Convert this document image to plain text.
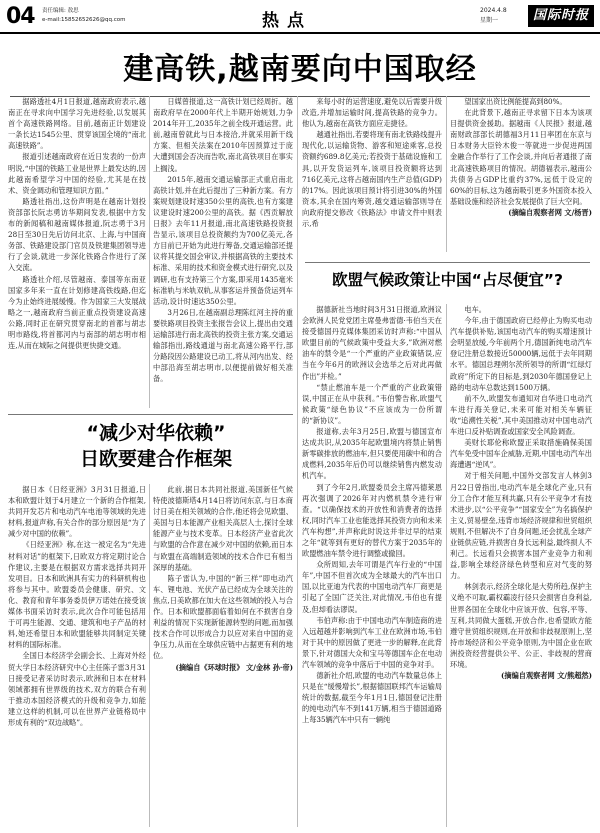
04 责任编辑: 敖思
e-mail:15852652626@qq.com	热点
2024.4.8
星期一	国际时报
建高铁,越南要向中国取经

据路透社4月1日报道,越南政府表示,越南正在寻求向中国学习先进经验,以发展其首个高速铁路网络。目前,越南正计划建设一条长达1545公里、贯穿该国全境的“南北高速铁路”。

报道引述越南政府在近日发表的一份声明说,“中国的铁路工业是世界上最发达的,因此越南希望学习中国的经验,尤其是在技术、资金调动和管理知识方面。”

路透社指出,这份声明是在越南计划投资部部长阮志勇访华期间发表,根据中方发布的新闻稿和越南媒体报道,阮志勇于3月28日至30日先后访问北京、上海,与中国商务部、铁路建设部门官员及铁建集团领导进行了会谈,就进一步深化铁路合作进行了深入交流。

路透社介绍,尽管越南、泰国等东南亚国家多年来一直在计划修建高铁线路,但迄今为止始终进展缓慢。作为国家三大发展战略之一,越南政府当前正重点投资建设高速公路,同时正在研究贯穿南北的首都与胡志明市路线,将首都河内与南部的胡志明市相连,从而在城际之间提供更快捷交通。

日媒曾报道,这一高铁计划已经周折。越南政府早在2000年代上半期开始规划,力争2014年开工,2035年之前全线开通运营。此前,越南曾就此与日本接洽,并就采用新干线方案、但相关法案在2010年因预算过于庞大遭到国会否决而告吹,南北高铁项目在事实上搁浅。

2015年,越南交通运输部正式重启南北高铁计划,并在此后提出了三种新方案。有方案规划建设时速350公里的高铁,也有方案建议建设时速200公里的高铁。据《西贡解放日报》去年11月报道,南北高速铁路投资报告显示,该项目总投资额约为700亿美元,各方目前已开始为此进行筹备,交通运输部还提议将其提交国会审议,并根据高铁的主要技术标准、采用的技术和资金模式进行研究,以及调研,也有支持第三个方案,即采用1435毫米标准轨与米轨双轨,从事客运并预备货运列车活动,设计时速达350公里。

3月26日,在越南副总理陈红河主持的重要铁路项目投资主张报告会议上,提出由交通运输部进行南北高铁的投资主张方案,交通运输部指出,路线通道与南北高速公路平行,部分路段因公路建设已动工,将从河内出发、经中部沿海至胡志明市,以便提前做好相关准备。

来每小时的运营速度,避免以后需要升级改造,并增加运输时间,提高铁路的竞争力。他认为,越南在高铁方面应走捷径。

越通社指出,若要将现有南北铁路线提升现代化,以运输货物、游客和短途乘客,总投资额约689.8亿美元;若投资于基础设施和工具,以开发货运列车,该项目投资额将达到716亿美元,这将占越南国内生产总值(GDP)的17%。因此该项目预计将引进30%的外国资本,其余在国内筹资,越交通运输部则导在向政府提交修改《铁路法》申请文件中则表示,希

望国家出资比例能提高到80%。

在此背景下,越南正寻求留下日本为该项目提供资金援助。据越南《人民报》报道,越南财政部部长胡德福3月11日率团在东京与日本财务大臣铃木俊一等就进一步促进两国金融合作举行了工作会谈,并向后者通报了南北高速铁路项目的情况。胡德福表示,越南公共债务占GDP比重约37%,远低于设定的60%的目标,这为越南吸引更多外国资本投入基础设施和经济社会发展提供了巨大空间。

(摘编自观察者网 文/杨晋)

欧盟气候政策让中国“占尽便宜”?

据德新社当地时间3月31日报道,欧洲议会欧洲人民党党团主席曼弗雷德·韦伯当天在接受德国丹克媒体集团采访时声称:“中国从欧盟目前的气候政策中受益大多,”欧洲对燃油车的禁令是“一个严重的产业政策错误,应当在今年6月的欧洲议会选举之后对此再做作出”并检。”

“禁止燃油车是一个严重的产业政策错误,中国正在从中获利。”韦伯警告称,欧盟气候政策“绿色协议”不应该成为一份所谓的“新协议”。

报道称,去年3月25日,欧盟与德国宣布达成共识,从2035年起欧盟境内将禁止销售新零碳排放的燃油车,但只要使用碳中和的合成燃料,2035年后仍可以继续销售内燃发动机汽车。

到了今年2月,欧盟委员会主席冯德莱恩再次强调了2026年对内燃机禁令进行审查。“以确保技术的开放性和消费者的选择权,同时汽车工业也能选择其投资方向和未来汽车构想”,并声称此时说这并非过早的结束之年“就等到有更好的替代方案于2035年的欧盟燃油车禁令进行调整或撤回。

众所周知,去年可谓是汽车行业的“中国年”,中国不但首次成为全球最大的汽车出口国,以比亚迪为代表的中国电动汽车厂商更是引起了全国广泛关注,对此情况,韦伯也有提及,但却看法谬误。

韦伯声称:由于中国电动汽车制造商的进入远超越并影响到汽车工业在欧洲市场,韦伯对于其中的原因做了更进一步的解释,在此背景下,针对德国大众和宝马等德国车企在电动汽车领域的竞争中落后于中国的竞争对手。

德新社介绍,欧盟的电动汽车数量总体上只是在“缓慢增长”,根据德国联邦汽车运输局统计的数据,截至今年1月1日,德国登记注册的纯电动汽车不到141万辆,相当于德国道路上每35辆汽车中只有一辆纯

电车。

今年,由于德国政府已经停止为购买电动汽车提供补贴,该国电动汽车的购买增速预计会明显放缓,今年前两个月,德国新纯电动汽车登记注册总数接近50000辆,远低于去年同期水平。德国总理朔尔茨所领导的所谓“红绿灯政府”所定下的目标是,到2030年德国登记上路的电动车总数达到1500万辆。

前不久,欧盟发布通知对自华进口电动汽车进行海关登记,未来可能对相关车辆征收“追溯性关税”,其中美国推动对中国电动汽车进口反补贴调查或国家安全风险调查。

美财长耶伦称欧盟正采取措施确保美国汽车免受中国车企威胁,近期,中国电动汽车出海遭遇“逆风”。

对于相关问题,中国外交部发言人林剑3月22日曾指出,电动汽车是全球化产业,只有分工合作才能互利共赢,只有公平竞争才有技术进步,以“公平竞争”“国家安全”为名搞保护主义,贸易壁垒,违背市场经济规律和世贸组织规则,不但解决不了自身问题,还会扰乱全球产业链供应链,并损害自身长远利益,最终损人不利己。长远看只会损害本国产业竞争力和利益,影响全球经济绿色转型和应对气变的努力。

林剑表示,经济全球化是大势所趋,保护主义绝不可取,霸权霸凌行径只会损害自身利益,世界各国在全球化中应该开放、包容,平等、互利,共同做大蛋糕,开放合作,也希望欧方能遵守世贸组织规则,在开放和非歧视原则上,坚持市场经济和公平竞争原则,为中国企业在欧洲投资经营提供公平、公正、非歧视的营商环境。

(摘编自观察者网 文/熊超然)

“减少对华依赖”
日欧要建合作框架

据日本《日经亚洲》3月31日报道,日本和欧盟计划于4月建立一个新的合作框架,共同开发芯片和电动汽车电池等领域的先进材料,报道声称,有关合作的部分原因是“为了减少对中国的依赖”。

《日经亚洲》称,在这一被定名为“先进材料对话”的框架下,日欧双方将定期讨论合作建议,主要是在根据双方需求选择共同开发项目。日本和欧洲具有实力的科研机构也将参与其中。欧盟委员会健康、研究、文化、教育和青年事务委员伊万诺娃在接受该媒体书面采访时表示,此次合作可能包括用于可再生能源、交通、建筑和电子产品的材料,她还希望日本和欧盟能够共同制定关键材料的国际标准。

全国日本经济学会副会长、上海对外经贸大学日本经济研究中心主任陈子雷3月31日接受记者采访时表示,欧洲和日本在材料领域都拥有世界级的技术,双方的联合有利于推动本国经济模式的升级和竞争力,如能建立这样的机制,可以在世界产业链格局中形成有利的“双边战略”。

此前,据日本共同社报道,美国新任气候特使波德斯塔4月14日将访问东京,与日本商讨日美在相关领域的合作,他还将会见欧盟、美国与日本能源产业相关高层人士,探讨全球能源产业与技术变革。日本经济产业省此次与欧盟的合作意在减少对中国的依赖,而日本与欧盟在高端制造领域的技术合作已有相当深厚的基础。

陈子雷认为,中国的“新三样”即电动汽车、锂电池、光伏产品已经成为全球关注的焦点,日美欧都在加大在这些领域的投入与合作。日本和欧盟都面临着如何在不损害自身利益的情况下实现新能源转型的问题,而加强技术合作可以形成合力以应对来自中国的竞争压力,从而在全球供应链中占据更有利的地位。

(摘编自《环球时报》 文/金林 孙·帝)
